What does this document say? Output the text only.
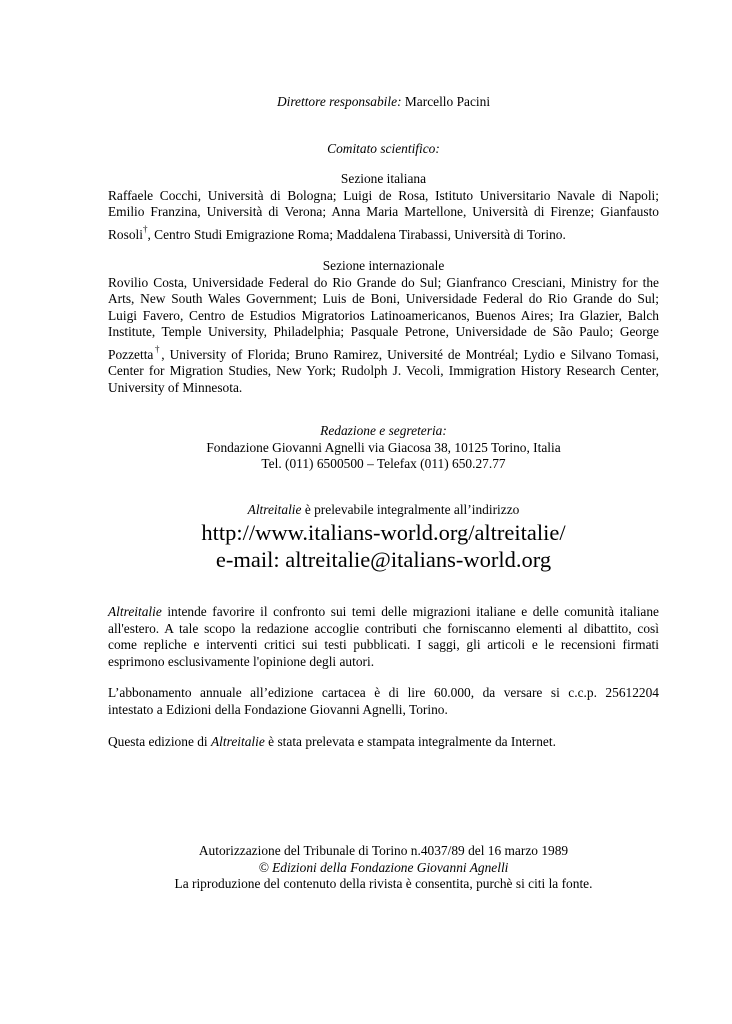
Direttore responsabile: Marcello Pacini
Comitato scientifico:
Sezione italiana
Raffaele Cocchi, Università di Bologna; Luigi de Rosa, Istituto Universitario Navale di Napoli;
Emilio Franzina, Università di Verona; Anna Maria Martellone, Università di Firenze; Gianfausto
Rosoli†, Centro Studi Emigrazione Roma; Maddalena Tirabassi, Università di Torino.
Sezione internazionale
Rovilio Costa, Universidade Federal do Rio Grande do Sul; Gianfranco Cresciani, Ministry for the
Arts, New South Wales Government; Luis de Boni, Universidade Federal do Rio Grande do Sul;
Luigi Favero, Centro de Estudios Migratorios Latinoamericanos, Buenos Aires; Ira Glazier, Balch
Institute, Temple University, Philadelphia; Pasquale Petrone, Universidade de São Paulo; George
Pozzetta†, University of Florida; Bruno Ramirez, Université de Montréal; Lydio e Silvano Tomasi,
Center for Migration Studies, New York; Rudolph J. Vecoli, Immigration History Research Center,
University of Minnesota.
Redazione e segreteria:
Fondazione Giovanni Agnelli via Giacosa 38, 10125 Torino, Italia
Tel. (011) 6500500 – Telefax (011) 650.27.77
Altreitalie è prelevabile integralmente all’indirizzo
http://www.italians-world.org/altreitalie/
e-mail: altreitalie@italians-world.org
Altreitalie intende favorire il confronto sui temi delle migrazioni italiane e delle comunità italiane
all'estero. A tale scopo la redazione accoglie contributi che forniscanno elementi al dibattito, così
come repliche e interventi critici sui testi pubblicati. I saggi, gli articoli e le recensioni firmati
esprimono esclusivamente l'opinione degli autori.
L’abbonamento annuale all’edizione cartacea è di lire 60.000, da versare si c.c.p. 25612204
intestato a Edizioni della Fondazione Giovanni Agnelli, Torino.
Questa edizione di Altreitalie è stata prelevata e stampata integralmente da Internet.
Autorizzazione del Tribunale di Torino n.4037/89 del 16 marzo 1989
© Edizioni della Fondazione Giovanni Agnelli
La riproduzione del contenuto della rivista è consentita, purchè si citi la fonte.
